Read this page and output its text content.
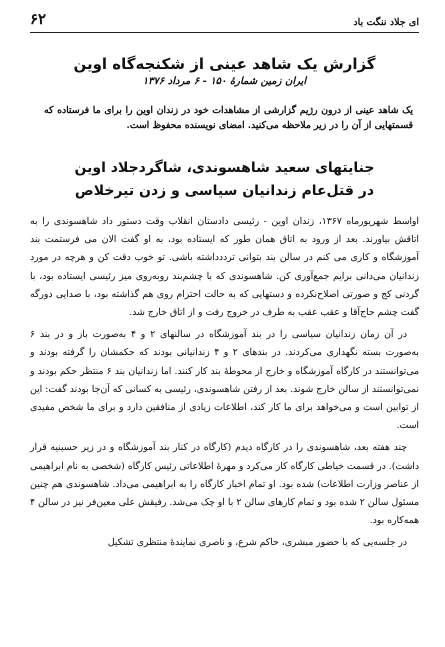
۶۲	ای جلاد ننگت باد
گزارش یک شاهد عینی از شکنجه‌گاه اوین
ایران زمین شمارهٔ ۱۵۰ - ۶ مرداد ۱۳۷۶

یک شاهد عینی از درون رژیم گزارشی از مشاهدات خود در زندان اوین را برای ما فرستاده که قسمتهایی از آن را در زیر ملاحظه می‌کنید. امضای نویسنده محفوظ است.

جنایتهای سعید شاهسوندی، شاگردجلاد اوین
در قتل‌عام زندانیان سیاسی و زدن تیرخلاص

اواسط شهریورماه ۱۳۶۷، زندان اوین - رئیسی دادستان انقلاب وقت دستور داد شاهسوندی را به اتاقش بیاورند. بعد از ورود به اتاق همان طور که ایستاده بود، به او گفت الان می فرستمت بند آموزشگاه و کاری می کنم در سالن بند بتوانی ترددداشته باشی. تو خوب دقت کن و هرچه در مورد زندانیان می‌دانی برایم جمع‌آوری کن. شاهسوندی که با چشم‌بند روبه‌روی میز رئیسی ایستاده بود، با گردنی کج و صورتی اصلاح‌نکرده و دستهایی که به حالت احترام روی هم گذاشته بود، با صدایی دورگه گفت چشم حاج‌آقا و عقب عقب به طرف در خروج رفت و از اتاق خارج شد.

در آن زمان زندانیان سیاسی را در بند آموزشگاه در سالنهای ۲ و ۴ به‌صورت باز و در بند ۶ به‌صورت بسته نگهداری می‌کردند. در بندهای ۲ و ۴ زندانیانی بودند که حکمشان را گرفته بودند و می‌توانستند در کارگاه آموزشگاه و خارج از محوطهٔ بند کار کنند. اما زندانیان بند ۶ منتظر حکم بودند و نمی‌توانستند از سالن خارج شوند. بعد از رفتن شاهسوندی، رئیسی به کسانی که آن‌جا بودند گفت: این از توابین است و می‌خواهد برای ما کار کند، اطلاعات زیادی از منافقین دارد و برای ما شخص مفیدی است.

چند هفته بعد، شاهسوندی را در کارگاه دیدم (کارگاه در کنار بند آموزشگاه و در زیر حسینیه قرار داشت). در قسمت خیاطی کارگاه کار می‌کرد و مهرهٔ اطلاعاتی رئیس کارگاه (شخصی به نام ابراهیمی از عناصر وزارت اطلاعات) شده بود. او تمام اخبار کارگاه را به ابراهیمی می‌داد. شاهسوندی هم چنین مسئول سالن ۲ شده بود و تمام کارهای سالن ۲ با او چک می‌شد. رفیقش علی معین‌فر نیز در سالن ۴ همه‌کاره بود.

در جلسه‌یی که با حضور مبشری، حاکم شرع، و ناصری نمایندهٔ منتظری تشکیل
